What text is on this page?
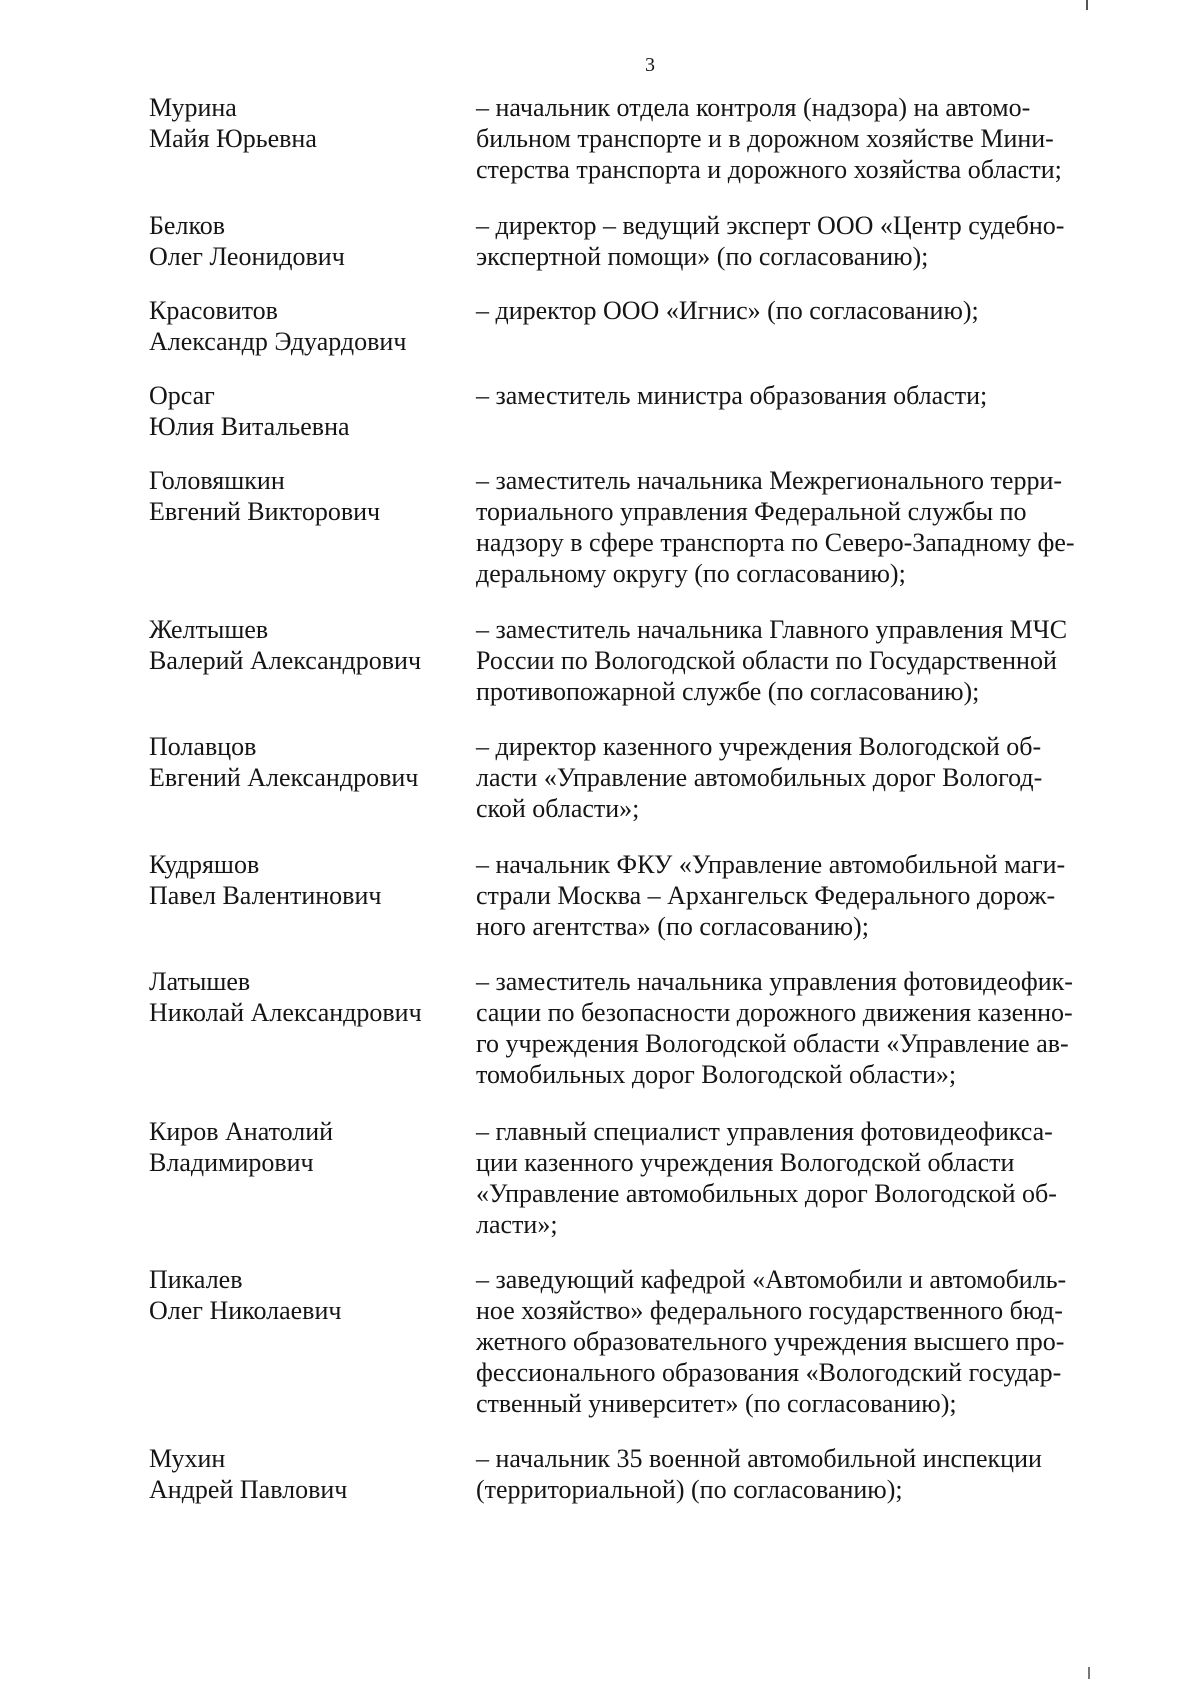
3
Мурина
Майя Юрьевна
– начальник отдела контроля (надзора) на автомо-
бильном транспорте и в дорожном хозяйстве Мини-
стерства транспорта и дорожного хозяйства области;
Белков
Олег Леонидович
– директор – ведущий эксперт ООО «Центр судебно-
экспертной помощи» (по согласованию);
Красовитов
Александр Эдуардович
– директор ООО «Игнис» (по согласованию);
Орсаг
Юлия Витальевна
– заместитель министра образования области;
Головяшкин
Евгений Викторович
– заместитель начальника Межрегионального терри-
ториального управления Федеральной службы по
надзору в сфере транспорта по Северо-Западному фе-
деральному округу (по согласованию);
Желтышев
Валерий Александрович
– заместитель начальника Главного управления МЧС
России по Вологодской области по Государственной
противопожарной службе (по согласованию);
Полавцов
Евгений Александрович
– директор казенного учреждения Вологодской об-
ласти «Управление автомобильных дорог Вологод-
ской области»;
Кудряшов
Павел Валентинович
– начальник ФКУ «Управление автомобильной маги-
страли Москва – Архангельск Федерального дорож-
ного агентства» (по согласованию);
Латышев
Николай Александрович
– заместитель начальника управления фотовидеофик-
сации по безопасности дорожного движения казенно-
го учреждения Вологодской области «Управление ав-
томобильных дорог Вологодской области»;
Киров Анатолий
Владимирович
– главный специалист управления фотовидеофикса-
ции казенного учреждения Вологодской области
«Управление автомобильных дорог Вологодской об-
ласти»;
Пикалев
Олег Николаевич
– заведующий кафедрой «Автомобили и автомобиль-
ное хозяйство» федерального государственного бюд-
жетного образовательного учреждения высшего про-
фессионального образования «Вологодский государ-
ственный университет» (по согласованию);
Мухин
Андрей Павлович
– начальник 35 военной автомобильной инспекции
(территориальной) (по согласованию);
